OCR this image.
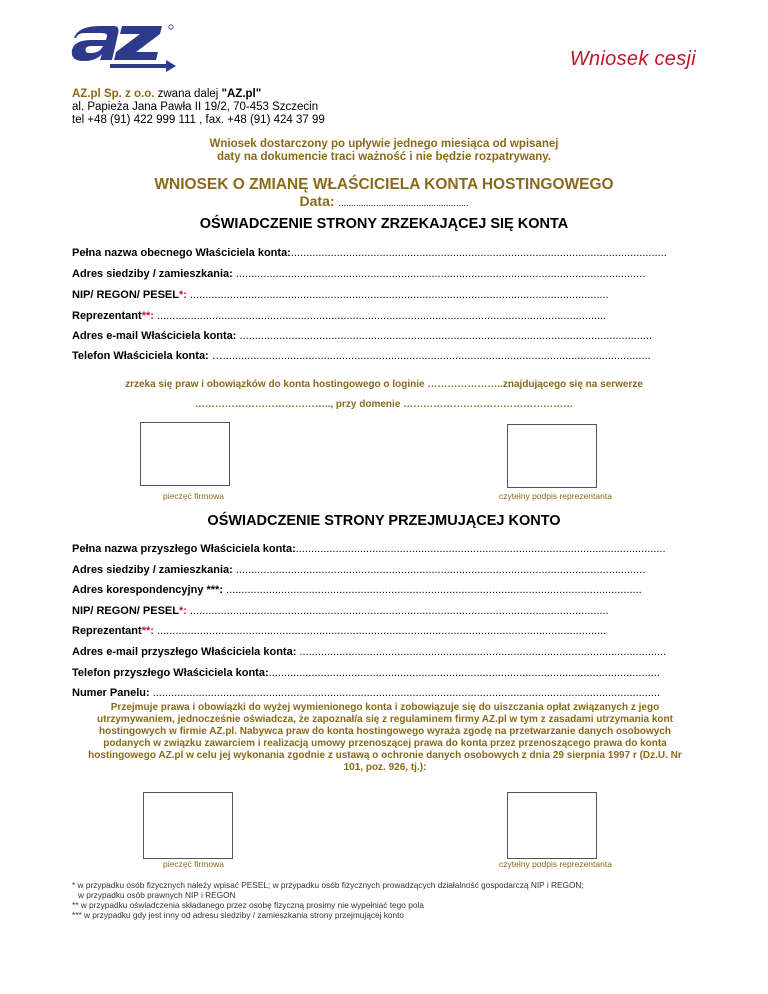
Wniosek cesji
AZ.pl Sp. z o.o. zwana dalej "AZ.pl"
al. Papieża Jana Pawła II 19/2, 70-453 Szczecin
tel +48 (91) 422 999 111 , fax. +48 (91) 424 37 99
Wniosek dostarczony po upływie jednego miesiąca od wpisanej
daty na dokumencie traci ważność i nie będzie rozpatrywany.
WNIOSEK O ZMIANĘ WŁAŚCICIELA KONTA HOSTINGOWEGO
Data: ....................................................
OŚWIADCZENIE STRONY ZRZEKAJĄCEJ SIĘ KONTA
Pełna nazwa obecnego Właściciela konta:...........................................................................................................................
Adres siedziby / zamieszkania: ......................................................................................................................................
NIP/ REGON/ PESEL*: .........................................................................................................................................
Reprezentant**: ...................................................................................................................................................
Adres e-mail Właściciela konta: .......................................................................................................................................
Telefon Właściciela konta: …............................................................................................................................................
zrzeka się praw i obowiązków do konta hostingowego o loginie …………………..znajdującego się na serwerze
………………………………….., przy domenie ……………………………………………
pieczęć firmowa	czytelny podpis reprezentanta
OŚWIADCZENIE STRONY PRZEJMUJĄCEJ KONTO
Pełna nazwa przyszłego Właściciela konta:.........................................................................................................................
Adres siedziby / zamieszkania: ......................................................................................................................................
Adres korespondencyjny ***: ........................................................................................................................................
NIP/ REGON/ PESEL*: .........................................................................................................................................
Reprezentant**: ...................................................................................................................................................
Adres e-mail przyszłego Właściciela konta: ........................................................................................................................
Telefon przyszłego Właściciela konta:................................................................................................................................
Numer Panelu: ......................................................................................................................................................................
Przejmuje prawa i obowiązki do wyżej wymienionego konta i zobowiązuje się do uiszczania opłat związanych z jego
utrzymywaniem, jednocześnie oświadcza, że zapoznał/a się z regulaminem firmy AZ.pl w tym z zasadami utrzymania kont
hostingowych w firmie AZ.pl. Nabywca praw do konta hostingowego wyraża zgodę na przetwarzanie danych osobowych
podanych w związku zawarciem i realizacją umowy przenoszącej prawa do konta przez przenoszącego prawa do konta
hostingowego AZ.pl w celu jej wykonania zgodnie z ustawą o ochronie danych osobowych z dnia 29 sierpnia 1997 r (Dz.U. Nr
101, poz. 926, tj.):
pieczęć firmowa	czytelny podpis reprezentanta
* w przypadku osób fizycznych należy wpisać PESEL; w przypadku osób fizycznych prowadzących działalność gospodarczą NIP i REGON;
w przypadku osób prawnych NIP i REGON
** w przypadku oświadczenia składanego przez osobę fizyczną prosimy nie wypełniać tego pola
*** w przypadku gdy jest inny od adresu siedziby / zamieszkania strony przejmującej konto
